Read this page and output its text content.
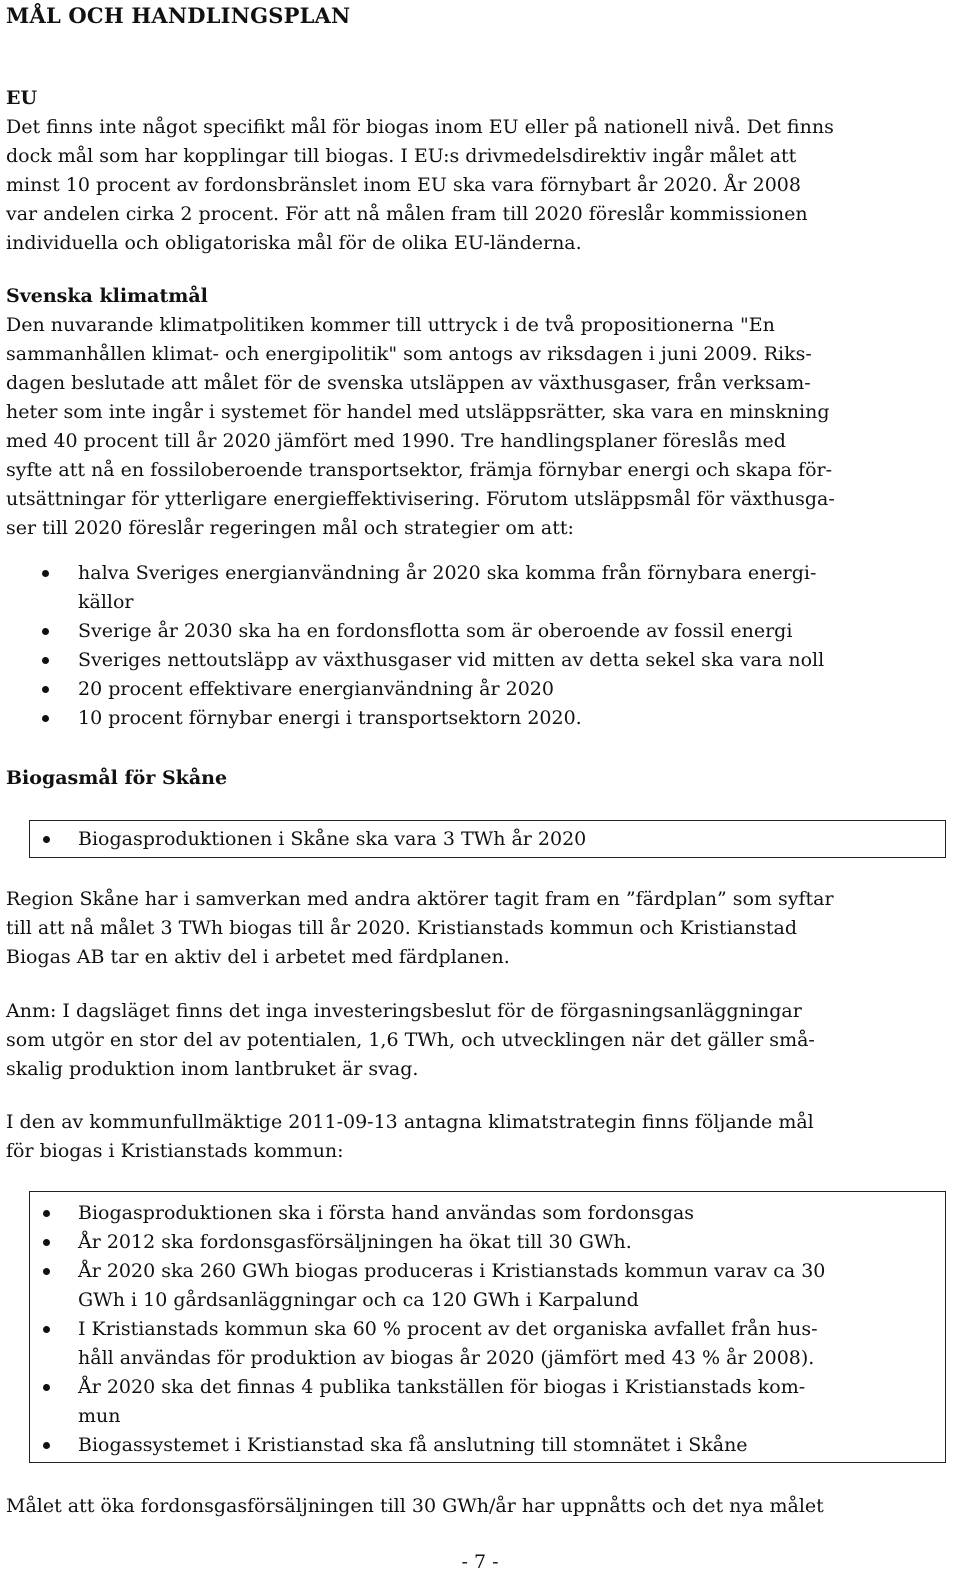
MÅL OCH HANDLINGSPLAN
EU
Det finns inte något specifikt mål för biogas inom EU eller på nationell nivå. Det finns
dock mål som har kopplingar till biogas. I EU:s drivmedelsdirektiv ingår målet att
minst 10 procent av fordonsbränslet inom EU ska vara förnybart år 2020. År 2008
var andelen cirka 2 procent. För att nå målen fram till 2020 föreslår kommissionen
individuella och obligatoriska mål för de olika EU-länderna.
Svenska klimatmål
Den nuvarande klimatpolitiken kommer till uttryck i de två propositionerna "En
sammanhållen klimat- och energipolitik" som antogs av riksdagen i juni 2009. Riks-
dagen beslutade att målet för de svenska utsläppen av växthusgaser, från verksam-
heter som inte ingår i systemet för handel med utsläppsrätter, ska vara en minskning
med 40 procent till år 2020 jämfört med 1990. Tre handlingsplaner föreslås med
syfte att nå en fossiloberoende transportsektor, främja förnybar energi och skapa för-
utsättningar för ytterligare energieffektivisering. Förutom utsläppsmål för växthusga-
ser till 2020 föreslår regeringen mål och strategier om att:
halva Sveriges energianvändning år 2020 ska komma från förnybara energi-
källor
Sverige år 2030 ska ha en fordonsflotta som är oberoende av fossil energi
Sveriges nettoutsläpp av växthusgaser vid mitten av detta sekel ska vara noll
20 procent effektivare energianvändning år 2020
10 procent förnybar energi i transportsektorn 2020.
Biogasmål för Skåne
Biogasproduktionen i Skåne ska vara 3 TWh år 2020
Region Skåne har i samverkan med andra aktörer tagit fram en ”färdplan” som syftar
till att nå målet 3 TWh biogas till år 2020. Kristianstads kommun och Kristianstad
Biogas AB tar en aktiv del i arbetet med färdplanen.
Anm: I dagsläget finns det inga investeringsbeslut för de förgasningsanläggningar
som utgör en stor del av potentialen, 1,6 TWh, och utvecklingen när det gäller små-
skalig produktion inom lantbruket är svag.
I den av kommunfullmäktige 2011-09-13 antagna klimatstrategin finns följande mål
för biogas i Kristianstads kommun:
Biogasproduktionen ska i första hand användas som fordonsgas
År 2012 ska fordonsgasförsäljningen ha ökat till 30 GWh.
År 2020 ska 260 GWh biogas produceras i Kristianstads kommun varav ca 30
GWh i 10 gårdsanläggningar och ca 120 GWh i Karpalund
I Kristianstads kommun ska 60 % procent av det organiska avfallet från hus-
håll användas för produktion av biogas år 2020 (jämfört med 43 % år 2008).
År 2020 ska det finnas 4 publika tankställen för biogas i Kristianstads kom-
mun
Biogassystemet i Kristianstad ska få anslutning till stomnätet i Skåne
Målet att öka fordonsgasförsäljningen till 30 GWh/år har uppnåtts och det nya målet
- 7 -
